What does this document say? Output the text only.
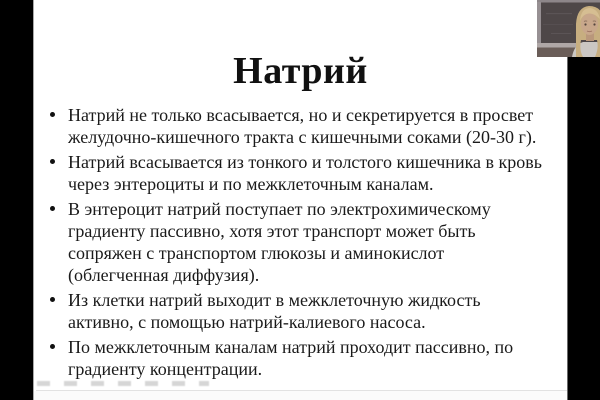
Натрий
Натрий не только всасывается, но и секретируется в просвет желудочно-кишечного тракта с кишечными соками (20-30 г).
Натрий всасывается из тонкого и толстого кишечника в кровь через энтероциты и по межклеточным каналам.
В энтероцит натрий поступает по электрохимическому градиенту пассивно, хотя этот транспорт может быть сопряжен с транспортом глюкозы и аминокислот (облегченная диффузия).
Из клетки натрий выходит в межклеточную жидкость активно, с помощью натрий-калиевого насоса.
По межклеточным каналам натрий проходит пассивно, по градиенту концентрации.
